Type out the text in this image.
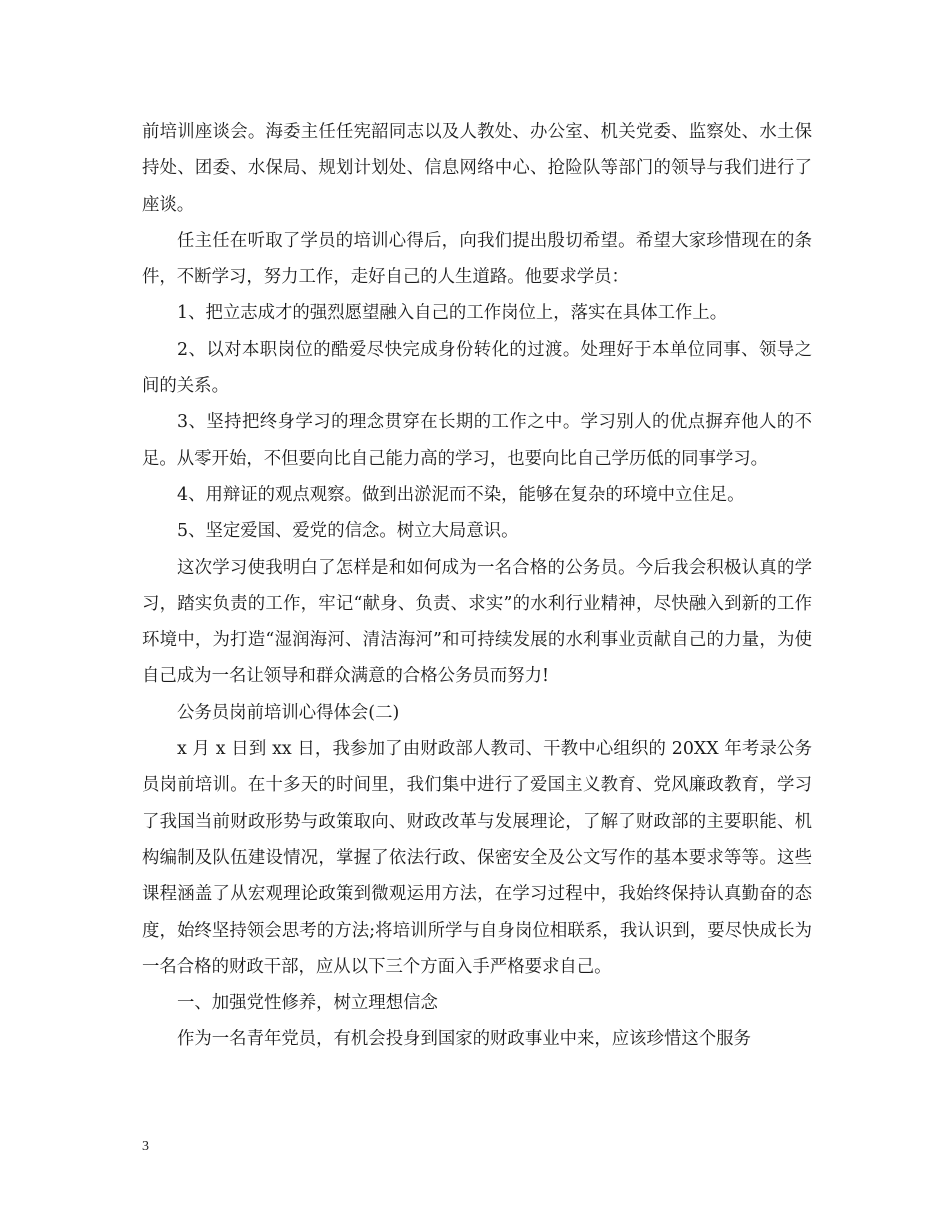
前培训座谈会。海委主任任宪韶同志以及人教处、办公室、机关党委、监察处、水土保持处、团委、水保局、规划计划处、信息网络中心、抢险队等部门的领导与我们进行了座谈。

任主任在听取了学员的培训心得后，向我们提出殷切希望。希望大家珍惜现在的条件，不断学习，努力工作，走好自己的人生道路。他要求学员：

1、把立志成才的强烈愿望融入自己的工作岗位上，落实在具体工作上。

2、以对本职岗位的酷爱尽快完成身份转化的过渡。处理好于本单位同事、领导之间的关系。

3、坚持把终身学习的理念贯穿在长期的工作之中。学习别人的优点摒弃他人的不足。从零开始，不但要向比自己能力高的学习，也要向比自己学历低的同事学习。

4、用辩证的观点观察。做到出淤泥而不染，能够在复杂的环境中立住足。

5、坚定爱国、爱党的信念。树立大局意识。

这次学习使我明白了怎样是和如何成为一名合格的公务员。今后我会积极认真的学习，踏实负责的工作，牢记“献身、负责、求实”的水利行业精神，尽快融入到新的工作环境中，为打造“湿润海河、清洁海河”和可持续发展的水利事业贡献自己的力量，为使自己成为一名让领导和群众满意的合格公务员而努力!

公务员岗前培训心得体会(二)

x 月 x 日到 xx 日，我参加了由财政部人教司、干教中心组织的 20XX 年考录公务员岗前培训。在十多天的时间里，我们集中进行了爱国主义教育、党风廉政教育，学习了我国当前财政形势与政策取向、财政改革与发展理论，了解了财政部的主要职能、机构编制及队伍建设情况，掌握了依法行政、保密安全及公文写作的基本要求等等。这些课程涵盖了从宏观理论政策到微观运用方法，在学习过程中，我始终保持认真勤奋的态度，始终坚持领会思考的方法;将培训所学与自身岗位相联系，我认识到，要尽快成长为一名合格的财政干部，应从以下三个方面入手严格要求自己。

一、加强党性修养，树立理想信念

作为一名青年党员，有机会投身到国家的财政事业中来，应该珍惜这个服务

3
